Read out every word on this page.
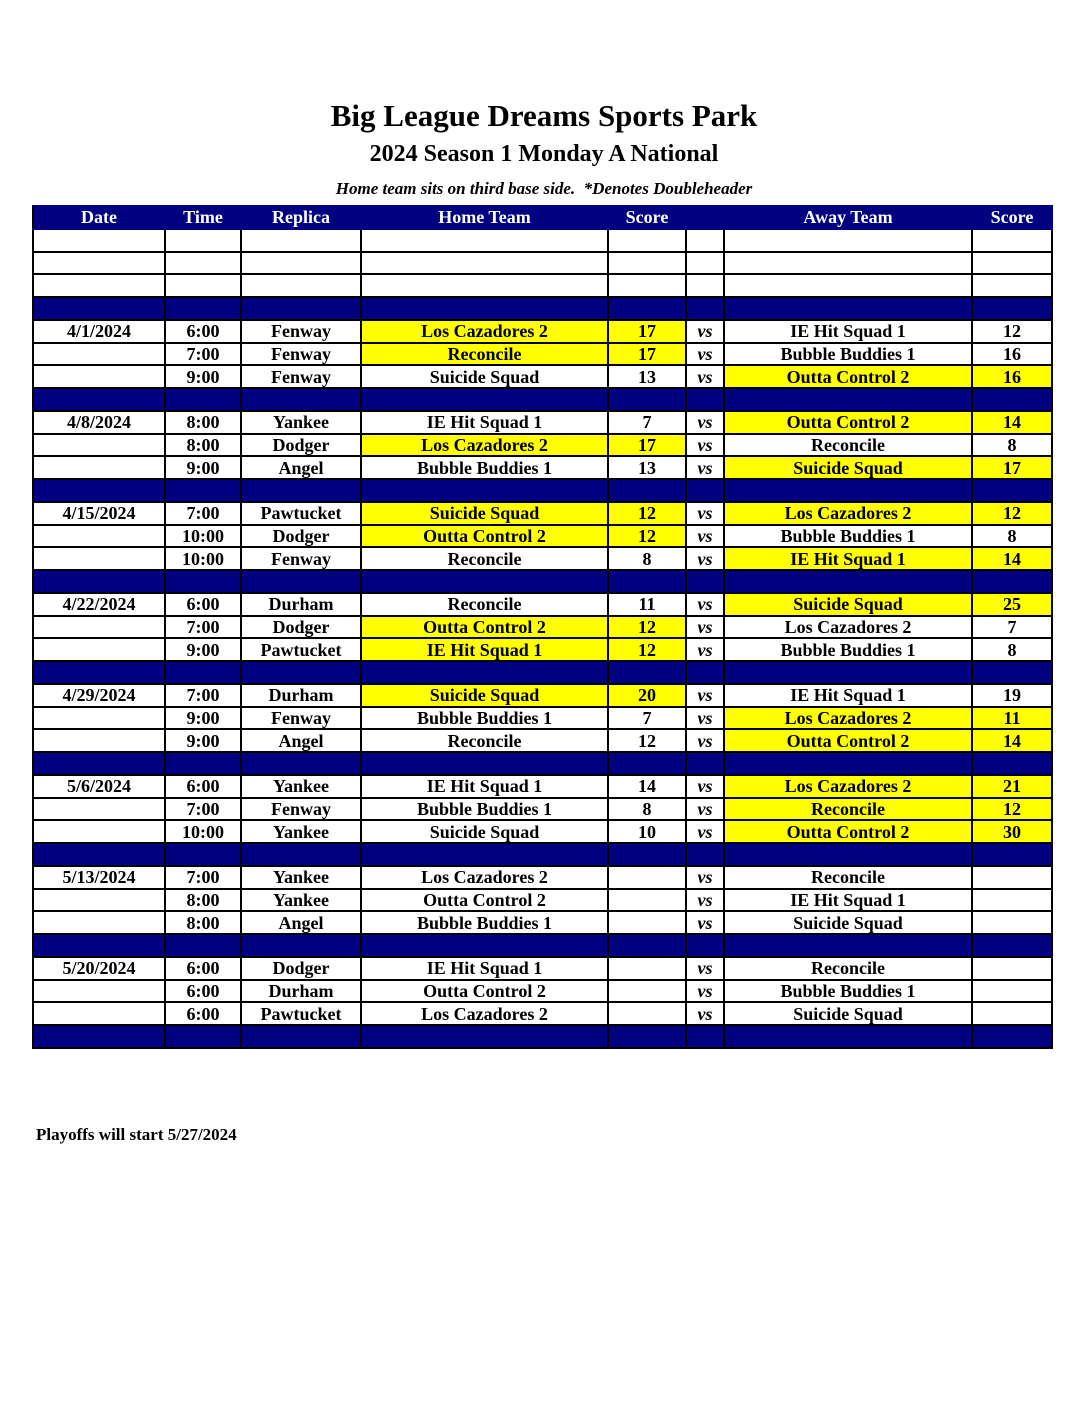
Big League Dreams Sports Park
2024 Season 1 Monday A National
Home team sits on third base side.  *Denotes Doubleheader
Date	Time	Replica	Home Team	Score		Away Team	Score

4/1/2024	6:00	Fenway	Los Cazadores 2	17	vs	IE Hit Squad 1	12
	7:00	Fenway	Reconcile	17	vs	Bubble Buddies 1	16
	9:00	Fenway	Suicide Squad	13	vs	Outta Control 2	16

4/8/2024	8:00	Yankee	IE Hit Squad 1	7	vs	Outta Control 2	14
	8:00	Dodger	Los Cazadores 2	17	vs	Reconcile	8
	9:00	Angel	Bubble Buddies 1	13	vs	Suicide Squad	17

4/15/2024	7:00	Pawtucket	Suicide Squad	12	vs	Los Cazadores 2	12
	10:00	Dodger	Outta Control 2	12	vs	Bubble Buddies 1	8
	10:00	Fenway	Reconcile	8	vs	IE Hit Squad 1	14

4/22/2024	6:00	Durham	Reconcile	11	vs	Suicide Squad	25
	7:00	Dodger	Outta Control 2	12	vs	Los Cazadores 2	7
	9:00	Pawtucket	IE Hit Squad 1	12	vs	Bubble Buddies 1	8

4/29/2024	7:00	Durham	Suicide Squad	20	vs	IE Hit Squad 1	19
	9:00	Fenway	Bubble Buddies 1	7	vs	Los Cazadores 2	11
	9:00	Angel	Reconcile	12	vs	Outta Control 2	14

5/6/2024	6:00	Yankee	IE Hit Squad 1	14	vs	Los Cazadores 2	21
	7:00	Fenway	Bubble Buddies 1	8	vs	Reconcile	12
	10:00	Yankee	Suicide Squad	10	vs	Outta Control 2	30

5/13/2024	7:00	Yankee	Los Cazadores 2		vs	Reconcile	
	8:00	Yankee	Outta Control 2		vs	IE Hit Squad 1	
	8:00	Angel	Bubble Buddies 1		vs	Suicide Squad	

5/20/2024	6:00	Dodger	IE Hit Squad 1		vs	Reconcile	
	6:00	Durham	Outta Control 2		vs	Bubble Buddies 1	
	6:00	Pawtucket	Los Cazadores 2		vs	Suicide Squad	

Playoffs will start 5/27/2024
